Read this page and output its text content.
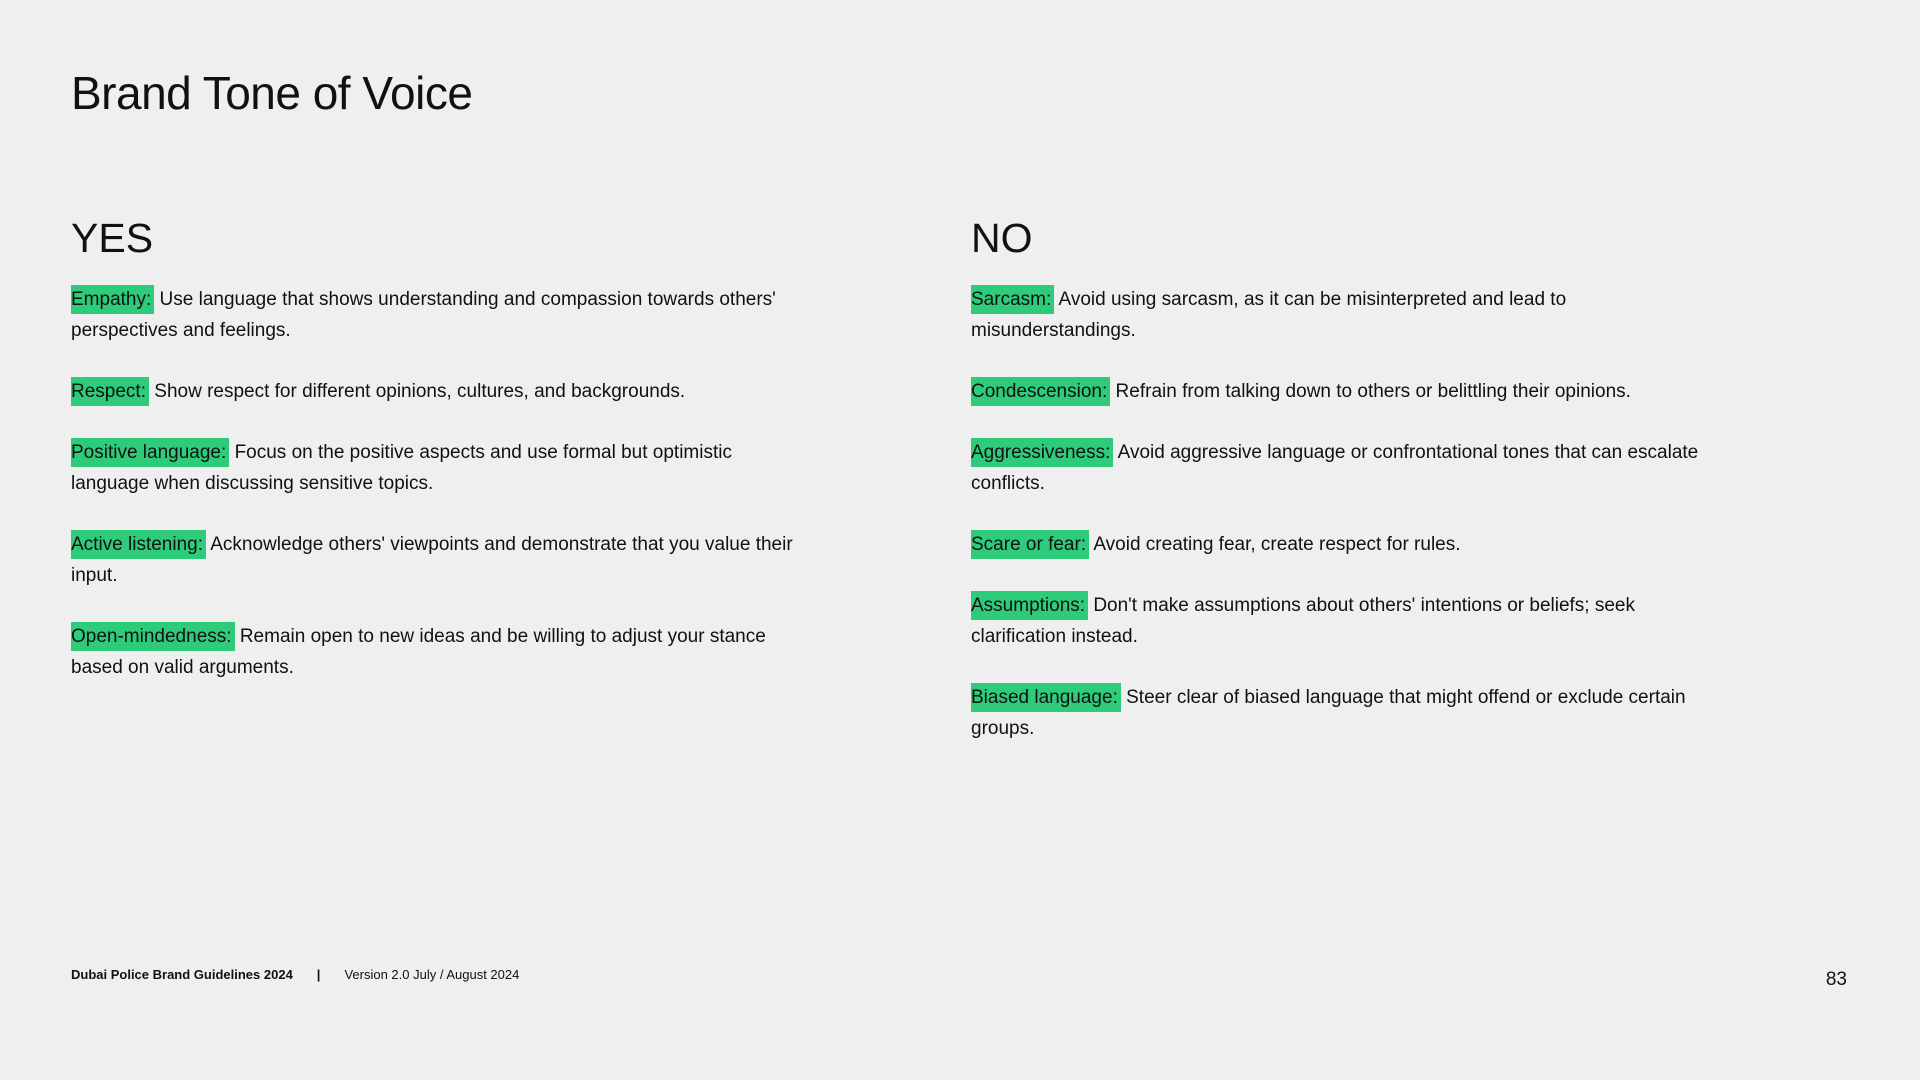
Brand Tone of Voice
YES

Empathy: Use language that shows understanding and compassion towards others' perspectives and feelings.

Respect: Show respect for different opinions, cultures, and backgrounds.

Positive language: Focus on the positive aspects and use formal but optimistic language when discussing sensitive topics.

Active listening: Acknowledge others' viewpoints and demonstrate that you value their input.

Open-mindedness: Remain open to new ideas and be willing to adjust your stance based on valid arguments.

NO

Sarcasm: Avoid using sarcasm, as it can be misinterpreted and lead to misunderstandings.

Condescension: Refrain from talking down to others or belittling their opinions.

Aggressiveness: Avoid aggressive language or confrontational tones that can escalate conflicts.

Scare or fear: Avoid creating fear, create respect for rules.

Assumptions: Don't make assumptions about others' intentions or beliefs; seek clarification instead.

Biased language: Steer clear of biased language that might offend or exclude certain groups.

Dubai Police Brand Guidelines 2024 | Version 2.0 July / August 2024	83
